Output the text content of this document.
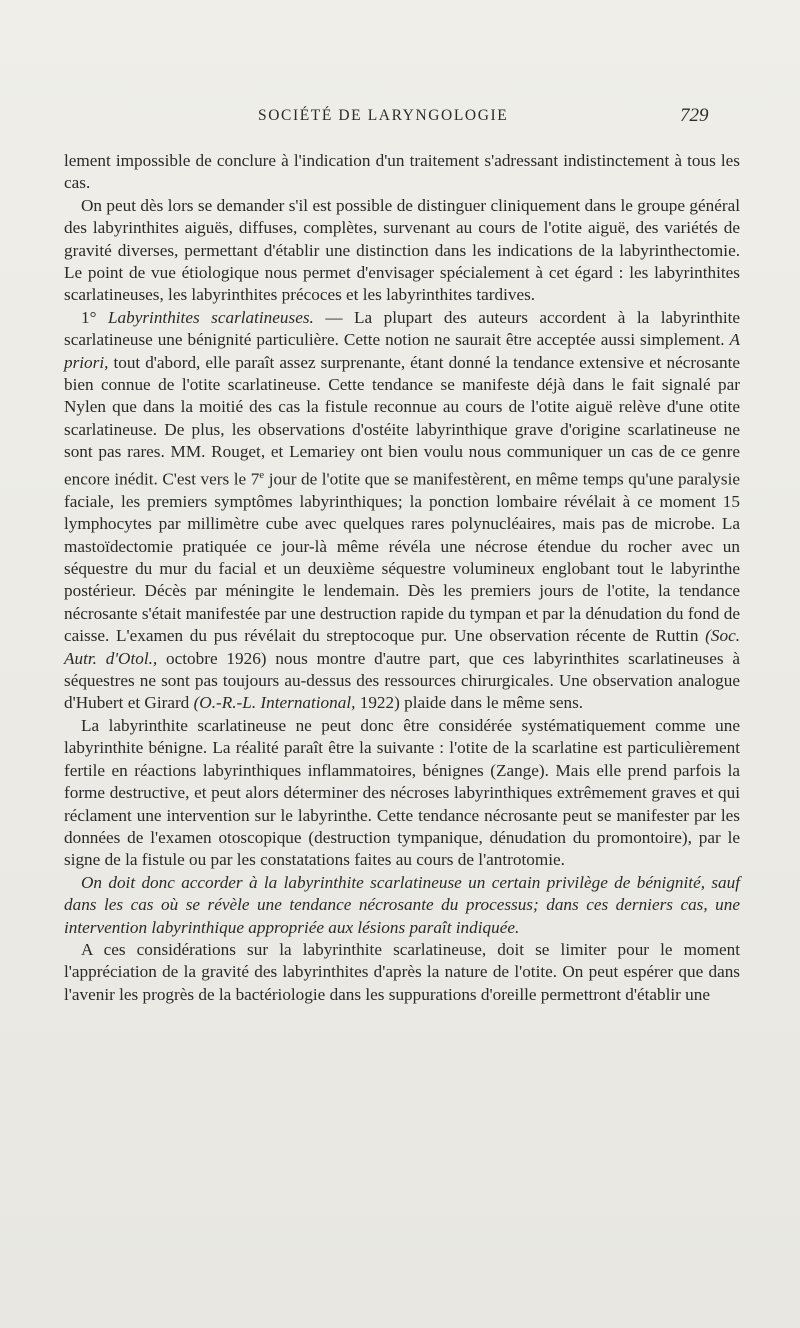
SOCIÉTÉ DE LARYNGOLOGIE	729

lement impossible de conclure à l'indication d'un traitement s'adressant indistinctement à tous les cas.

On peut dès lors se demander s'il est possible de distinguer cliniquement dans le groupe général des labyrinthites aiguës, diffuses, complètes, survenant au cours de l'otite aiguë, des variétés de gravité diverses, permettant d'établir une distinction dans les indications de la labyrinthectomie. Le point de vue étiologique nous permet d'envisager spécialement à cet égard : les labyrinthites scarlatineuses, les labyrinthites précoces et les labyrinthites tardives.

1° Labyrinthites scarlatineuses. — La plupart des auteurs accordent à la labyrinthite scarlatineuse une bénignité particulière. Cette notion ne saurait être acceptée aussi simplement. A priori, tout d'abord, elle paraît assez surprenante, étant donné la tendance extensive et nécrosante bien connue de l'otite scarlatineuse. Cette tendance se manifeste déjà dans le fait signalé par Nylen que dans la moitié des cas la fistule reconnue au cours de l'otite aiguë relève d'une otite scarlatineuse. De plus, les observations d'ostéite labyrinthique grave d'origine scarlatineuse ne sont pas rares. MM. Rouget, et Lemariey ont bien voulu nous communiquer un cas de ce genre encore inédit. C'est vers le 7e jour de l'otite que se manifestèrent, en même temps qu'une paralysie faciale, les premiers symptômes labyrinthiques; la ponction lombaire révélait à ce moment 15 lymphocytes par millimètre cube avec quelques rares polynucléaires, mais pas de microbe. La mastoïdectomie pratiquée ce jour-là même révéla une nécrose étendue du rocher avec un séquestre du mur du facial et un deuxième séquestre volumineux englobant tout le labyrinthe postérieur. Décès par méningite le lendemain. Dès les premiers jours de l'otite, la tendance nécrosante s'était manifestée par une destruction rapide du tympan et par la dénudation du fond de caisse. L'examen du pus révélait du streptocoque pur. Une observation récente de Ruttin (Soc. Autr. d'Otol., octobre 1926) nous montre d'autre part, que ces labyrinthites scarlatineuses à séquestres ne sont pas toujours au-dessus des ressources chirurgicales. Une observation analogue d'Hubert et Girard (O.-R.-L. International, 1922) plaide dans le même sens.

La labyrinthite scarlatineuse ne peut donc être considérée systématiquement comme une labyrinthite bénigne. La réalité paraît être la suivante : l'otite de la scarlatine est particulièrement fertile en réactions labyrinthiques inflammatoires, bénignes (Zange). Mais elle prend parfois la forme destructive, et peut alors déterminer des nécroses labyrinthiques extrêmement graves et qui réclament une intervention sur le labyrinthe. Cette tendance nécrosante peut se manifester par les données de l'examen otoscopique (destruction tympanique, dénudation du promontoire), par le signe de la fistule ou par les constatations faites au cours de l'antrotomie.

On doit donc accorder à la labyrinthite scarlatineuse un certain privilège de bénignité, sauf dans les cas où se révèle une tendance nécrosante du processus; dans ces derniers cas, une intervention labyrinthique appropriée aux lésions paraît indiquée.

A ces considérations sur la labyrinthite scarlatineuse, doit se limiter pour le moment l'appréciation de la gravité des labyrinthites d'après la nature de l'otite. On peut espérer que dans l'avenir les progrès de la bactériologie dans les suppurations d'oreille permettront d'établir une
